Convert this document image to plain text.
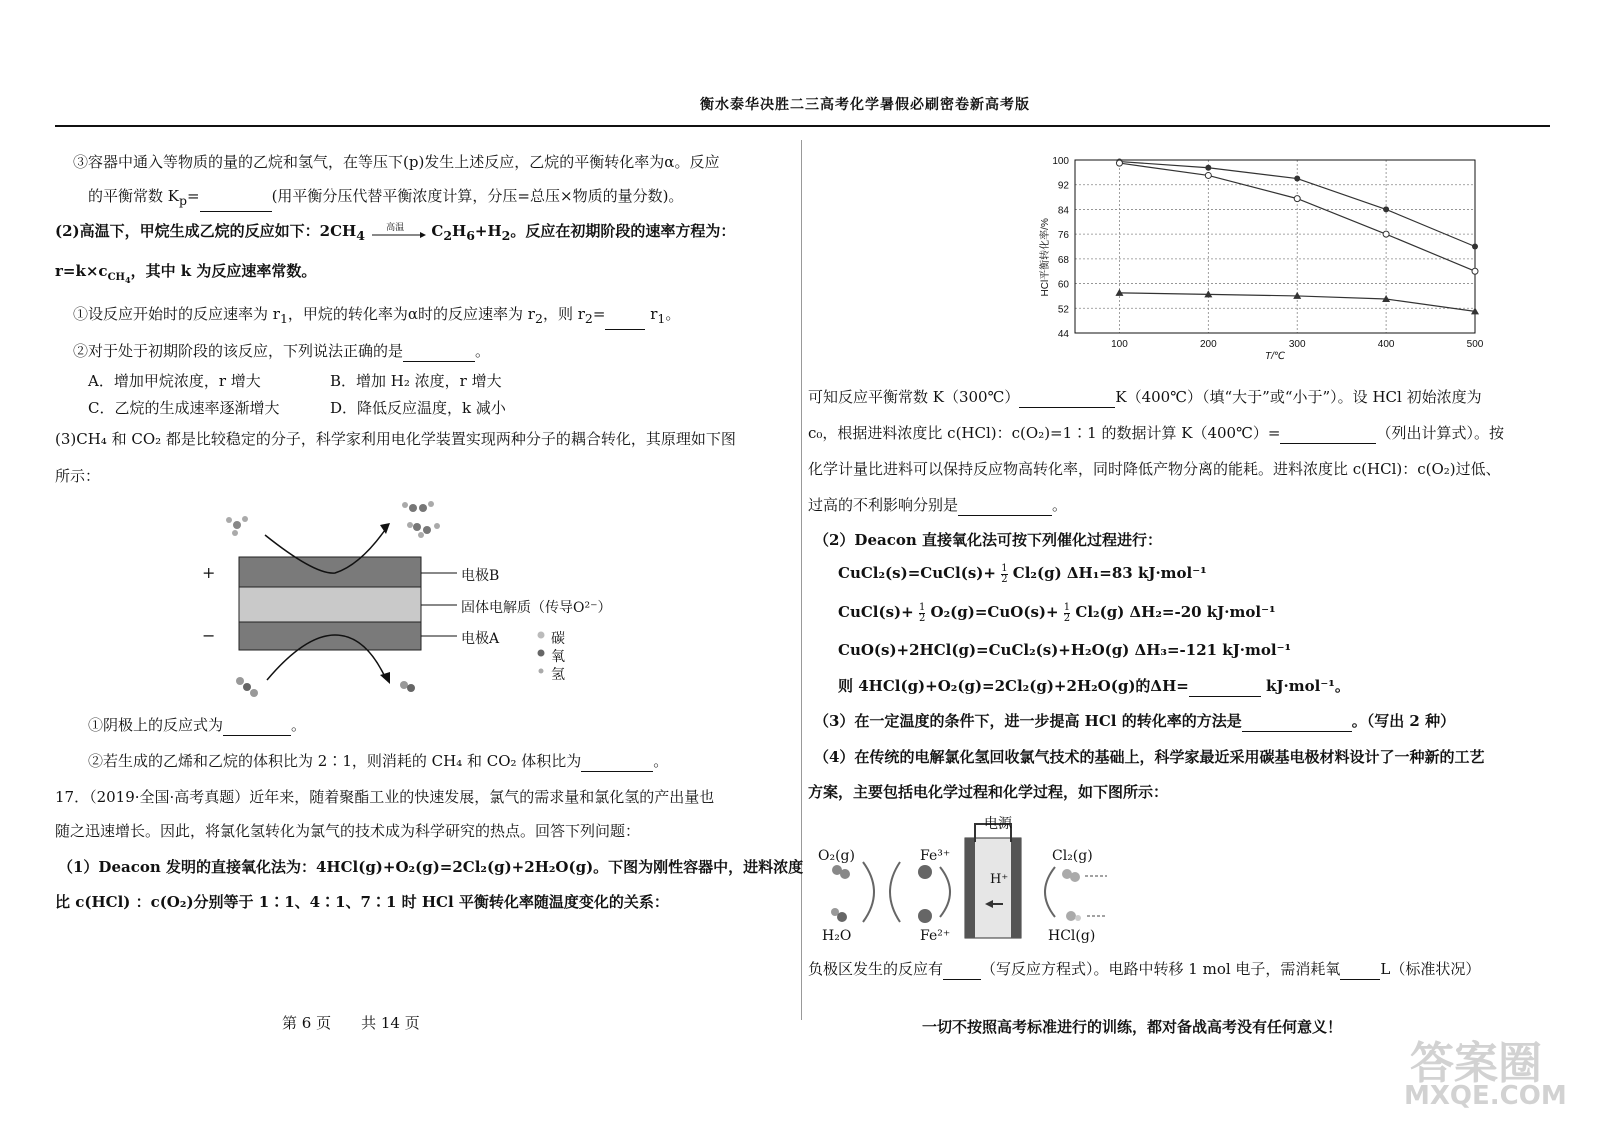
衡水泰华决胜二三高考化学暑假必刷密卷新高考版
③容器中通入等物质的量的乙烷和氢气，在等压下(p)发生上述反应，乙烷的平衡转化率为α。反应
的平衡常数 $K_p=$	(用平衡分压代替平衡浓度计算，分压=总压×物质的量分数)。
(2)高温下，甲烷生成乙烷的反应如下：$2CH_4$ 高温 $C_2H_6+H_2$。反应在初期阶段的速率方程为：
$r=k\times c_{CH_4}$，其中 k 为反应速率常数。
①设反应开始时的反应速率为 $r_1$，甲烷的转化率为α时的反应速率为 $r_2$，则 $r_2=$	$r_1$。
②对于处于初期阶段的该反应，下列说法正确的是	。
A．增加甲烷浓度，r 增大	B．增加 H₂ 浓度，r 增大
C．乙烷的生成速率逐渐增大	D．降低反应温度，k 减小
(3)CH₄ 和 CO₂ 都是比较稳定的分子，科学家利用电化学装置实现两种分子的耦合转化，其原理如下图
所示：
+
−
电极B
固体电解质（传导O²⁻）
电极A	碳
氧
氢
①阴极上的反应式为	。
②若生成的乙烯和乙烷的体积比为 2∶1，则消耗的 CH₄ 和 CO₂ 体积比为	。
17．（2019·全国·高考真题）近年来，随着聚酯工业的快速发展，氯气的需求量和氯化氢的产出量也
随之迅速增长。因此，将氯化氢转化为氯气的技术成为科学研究的热点。回答下列问题：
（1）Deacon 发明的直接氧化法为：4HCl(g)+O₂(g)=2Cl₂(g)+2H₂O(g)。下图为刚性容器中，进料浓度
比 c(HCl) ：c(O₂)分别等于 1∶1、4∶1、7∶1 时 HCl 平衡转化率随温度变化的关系：
44
52
60
68
76
84
92
100
100	200	300	400	500
T/℃
HCl平衡转化率/%
可知反应平衡常数 K（300℃）	K（400℃）（填“大于”或“小于”）。设 HCl 初始浓度为
c₀，根据进料浓度比 c(HCl)：c(O₂)=1∶1 的数据计算 K（400℃）=	（列出计算式）。按
化学计量比进料可以保持反应物高转化率，同时降低产物分离的能耗。进料浓度比 c(HCl)：c(O₂)过低、
过高的不利影响分别是	。
（2）Deacon 直接氧化法可按下列催化过程进行：
CuCl₂(s)=CuCl(s)+ $\frac{1}{2} Cl_2(g)$ ΔH₁=83 kJ·mol⁻¹
CuCl(s)+ $\frac{1}{2} O_2(g)=CuO(s)+ \frac{1}{2} Cl_2(g)$ ΔH₂=-20 kJ·mol⁻¹
CuO(s)+2HCl(g)=CuCl₂(s)+H₂O(g) ΔH₃=-121 kJ·mol⁻¹
则 4HCl(g)+O₂(g)=2Cl₂(g)+2H₂O(g)的ΔH=	kJ·mol⁻¹。
（3）在一定温度的条件下，进一步提高 HCl 的转化率的方法是	。（写出 2 种）
（4）在传统的电解氯化氢回收氯气技术的基础上，科学家最近采用碳基电极材料设计了一种新的工艺
方案，主要包括电化学过程和化学过程，如下图所示：
电源
O₂(g)	Fe³⁺
Fe²⁺
H₂O
H⁺
Cl₂(g)
HCl(g)
负极区发生的反应有	（写反应方程式）。电路中转移 1 mol 电子，需消耗氧	L（标准状况）
第 6 页　　共 14 页	一切不按照高考标准进行的训练，都对备战高考没有任何意义！
答案圈
MXQE.COM
